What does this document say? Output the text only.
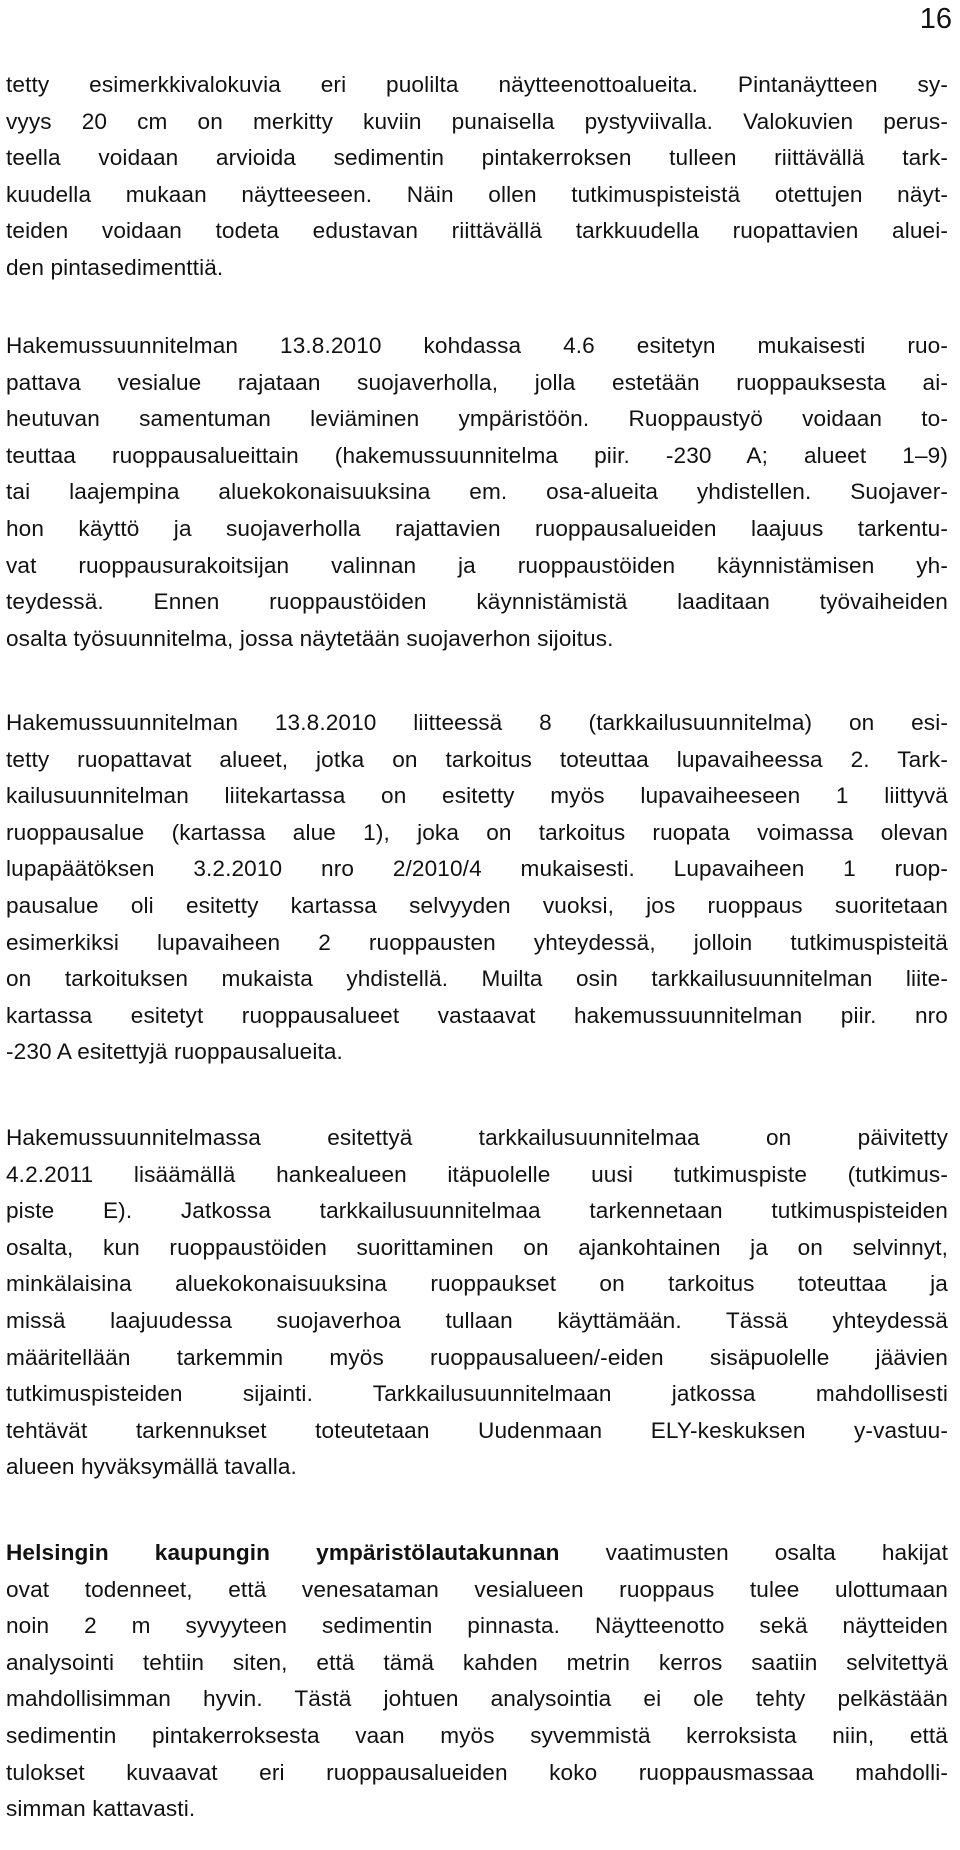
16
tetty esimerkkivalokuvia eri puolilta näytteenottoalueita. Pintanäytteen sy-
vyys 20 cm on merkitty kuviin punaisella pystyviivalla. Valokuvien perus-
teella voidaan arvioida sedimentin pintakerroksen tulleen riittävällä tark-
kuudella mukaan näytteeseen. Näin ollen tutkimuspisteistä otettujen näyt-
teiden voidaan todeta edustavan riittävällä tarkkuudella ruopattavien aluei-
den pintasedimenttiä.
Hakemussuunnitelman 13.8.2010 kohdassa 4.6 esitetyn mukaisesti ruo-
pattava vesialue rajataan suojaverholla, jolla estetään ruoppauksesta ai-
heutuvan samentuman leviäminen ympäristöön. Ruoppaustyö voidaan to-
teuttaa ruoppausalueittain (hakemussuunnitelma piir. -230 A; alueet 1–9)
tai laajempina aluekokonaisuuksina em. osa-alueita yhdistellen. Suojaver-
hon käyttö ja suojaverholla rajattavien ruoppausalueiden laajuus tarkentu-
vat ruoppausurakoitsijan valinnan ja ruoppaustöiden käynnistämisen yh-
teydessä. Ennen ruoppaustöiden käynnistämistä laaditaan työvaiheiden
osalta työsuunnitelma, jossa näytetään suojaverhon sijoitus.
Hakemussuunnitelman 13.8.2010 liitteessä 8 (tarkkailusuunnitelma) on esi-
tetty ruopattavat alueet, jotka on tarkoitus toteuttaa lupavaiheessa 2. Tark-
kailusuunnitelman liitekartassa on esitetty myös lupavaiheeseen 1 liittyvä
ruoppausalue (kartassa alue 1), joka on tarkoitus ruopata voimassa olevan
lupapäätöksen 3.2.2010 nro 2/2010/4 mukaisesti. Lupavaiheen 1 ruop-
pausalue oli esitetty kartassa selvyyden vuoksi, jos ruoppaus suoritetaan
esimerkiksi lupavaiheen 2 ruoppausten yhteydessä, jolloin tutkimuspisteitä
on tarkoituksen mukaista yhdistellä. Muilta osin tarkkailusuunnitelman liite-
kartassa esitetyt ruoppausalueet vastaavat hakemussuunnitelman piir. nro
-230 A esitettyjä ruoppausalueita.
Hakemussuunnitelmassa esitettyä tarkkailusuunnitelmaa on päivitetty
4.2.2011 lisäämällä hankealueen itäpuolelle uusi tutkimuspiste (tutkimus-
piste E). Jatkossa tarkkailusuunnitelmaa tarkennetaan tutkimuspisteiden
osalta, kun ruoppaustöiden suorittaminen on ajankohtainen ja on selvinnyt,
minkälaisina aluekokonaisuuksina ruoppaukset on tarkoitus toteuttaa ja
missä laajuudessa suojaverhoa tullaan käyttämään. Tässä yhteydessä
määritellään tarkemmin myös ruoppausalueen/-eiden sisäpuolelle jäävien
tutkimuspisteiden sijainti. Tarkkailusuunnitelmaan jatkossa mahdollisesti
tehtävät tarkennukset toteutetaan Uudenmaan ELY-keskuksen y-vastuu-
alueen hyväksymällä tavalla.
Helsingin kaupungin ympäristölautakunnan vaatimusten osalta hakijat
ovat todenneet, että venesataman vesialueen ruoppaus tulee ulottumaan
noin 2 m syvyyteen sedimentin pinnasta. Näytteenotto sekä näytteiden
analysointi tehtiin siten, että tämä kahden metrin kerros saatiin selvitettyä
mahdollisimman hyvin. Tästä johtuen analysointia ei ole tehty pelkästään
sedimentin pintakerroksesta vaan myös syvemmistä kerroksista niin, että
tulokset kuvaavat eri ruoppausalueiden koko ruoppausmassaa mahdolli-
simman kattavasti.
